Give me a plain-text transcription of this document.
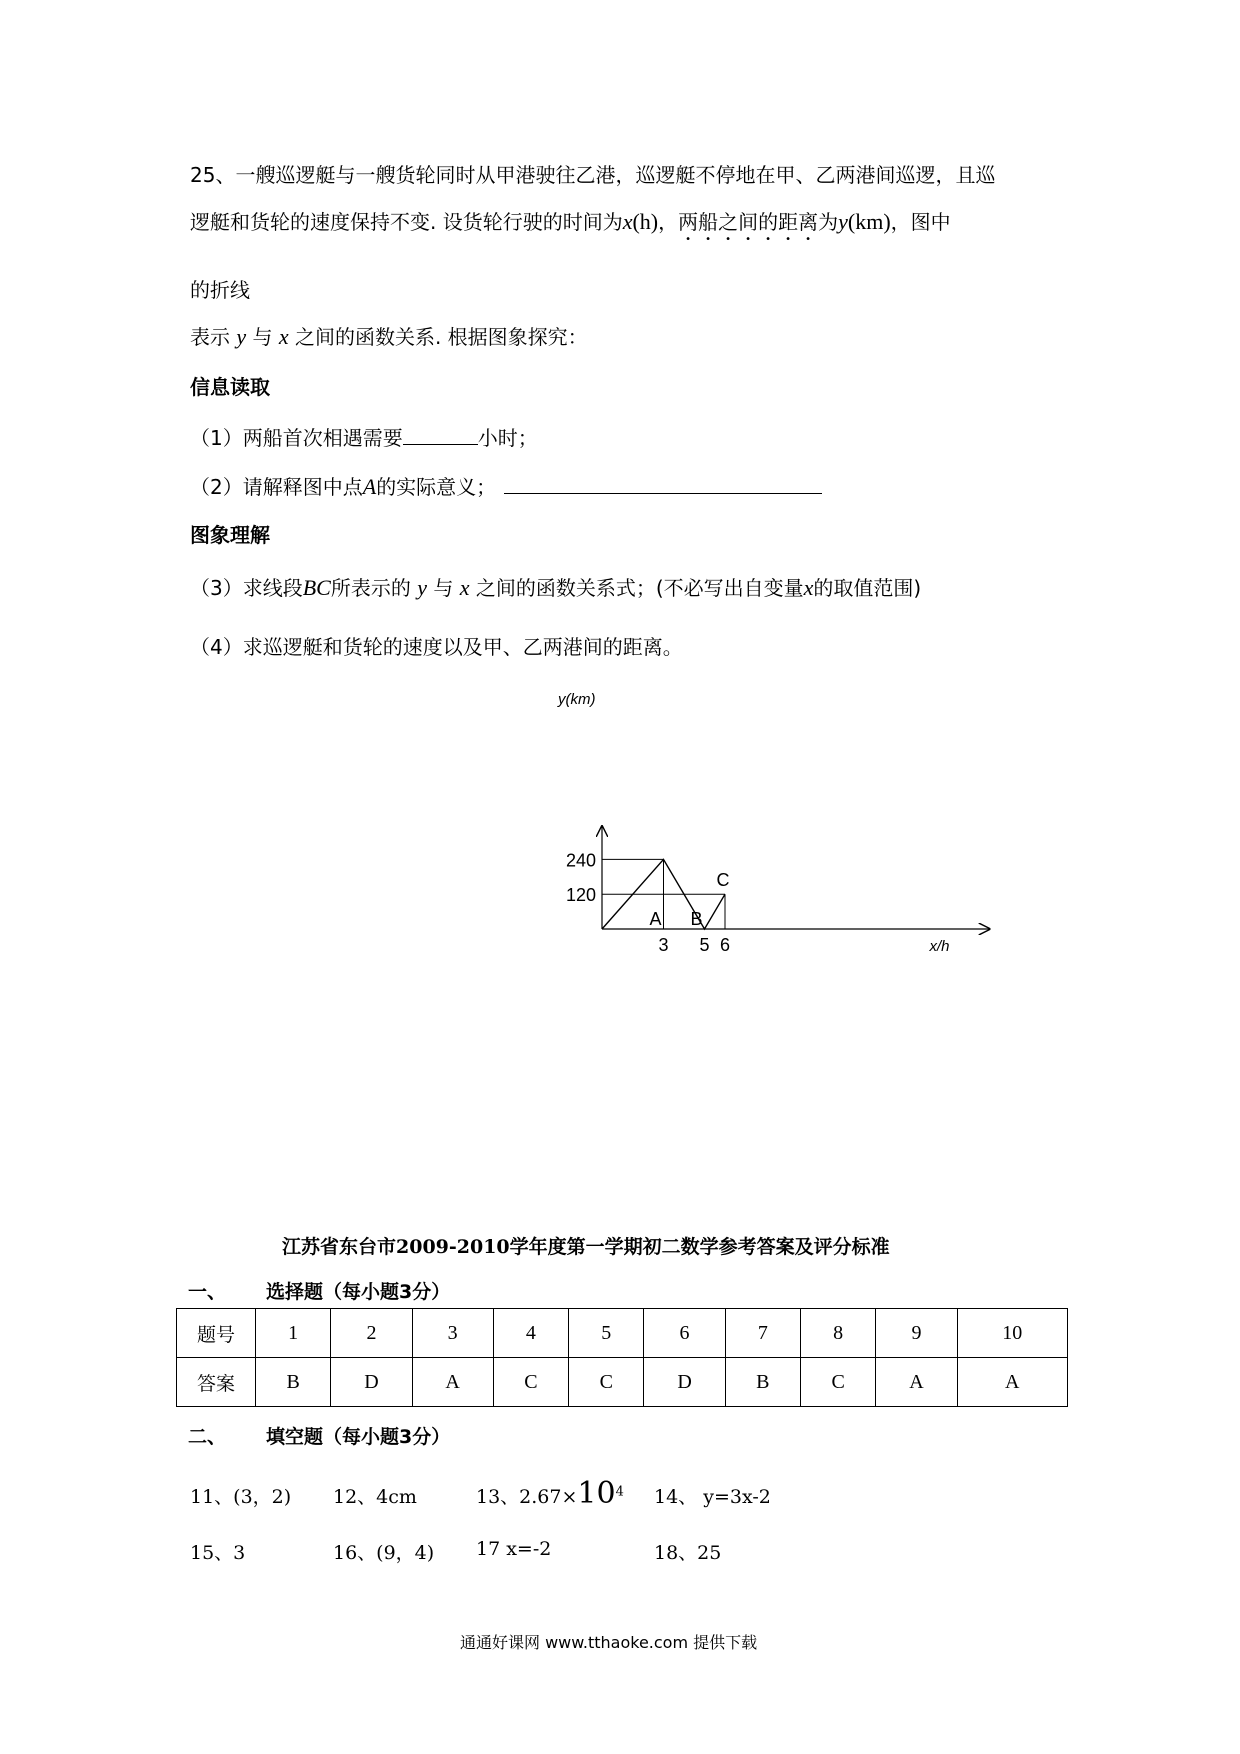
25、一艘巡逻艇与一艘货轮同时从甲港驶往乙港，巡逻艇不停地在甲、乙两港间巡逻，且巡
逻艇和货轮的速度保持不变. 设货轮行驶的时间为x(h)，两船之间的距离为y(km)，图中
的折线
表示 y 与 x 之间的函数关系. 根据图象探究：
信息读取
（1）两船首次相遇需要	小时；
（2）请解释图中点A的实际意义；
图象理解
（3）求线段BC所表示的 y 与 x 之间的函数关系式；(不必写出自变量x的取值范围)
（4）求巡逻艇和货轮的速度以及甲、乙两港间的距离。
y(km)
x/h
240
120
3 5 6
A B
C
江苏省东台市2009-2010学年度第一学期初二数学参考答案及评分标准
一、 选择题（每小题3分）
题号	1	2	3	4	5	6	7	8	9	10
答案	B	D	A	C	C	D	B	C	A	A
二、 填空题（每小题3分）
11、(3，2) 12、4cm	13、$2.67\times 10^4$ 14、 y=3x-2
15、3	16、(9，4) 17 x=-2	18、25
通通好课网 www.tthaoke.com 提供下载
